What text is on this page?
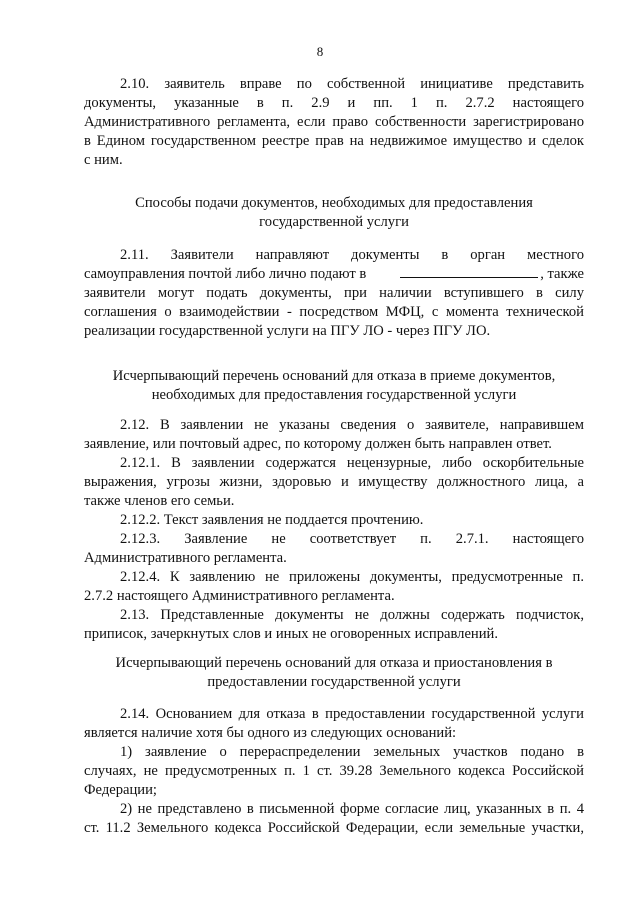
8
2.10. заявитель вправе по собственной инициативе представить
документы, указанные в п. 2.9 и пп. 1 п. 2.7.2 настоящего
Административного регламента, если право собственности зарегистрировано
в Едином государственном реестре прав на недвижимое имущество и сделок
с ним.
Способы подачи документов, необходимых для предоставления
государственной услуги
2.11. Заявители направляют документы в орган местного
самоуправления почтой либо лично подают в	, также
заявители могут подать документы, при наличии вступившего в силу
соглашения о взаимодействии - посредством МФЦ, с момента технической
реализации государственной услуги на ПГУ ЛО - через ПГУ ЛО.
Исчерпывающий перечень оснований для отказа в приеме документов,
необходимых для предоставления государственной услуги
2.12. В заявлении не указаны сведения о заявителе, направившем
заявление, или почтовый адрес, по которому должен быть направлен ответ.
2.12.1. В заявлении содержатся нецензурные, либо оскорбительные
выражения, угрозы жизни, здоровью и имуществу должностного лица, а
также членов его семьи.
2.12.2. Текст заявления не поддается прочтению.
2.12.3. Заявление не соответствует п. 2.7.1. настоящего
Административного регламента.
2.12.4. К заявлению не приложены документы, предусмотренные п.
2.7.2 настоящего Административного регламента.
2.13. Представленные документы не должны содержать подчисток,
приписок, зачеркнутых слов и иных не оговоренных исправлений.
Исчерпывающий перечень оснований для отказа и приостановления в
предоставлении государственной услуги
2.14. Основанием для отказа в предоставлении государственной услуги
является наличие хотя бы одного из следующих оснований:
1) заявление о перераспределении земельных участков подано в
случаях, не предусмотренных п. 1 ст. 39.28 Земельного кодекса Российской
Федерации;
2) не представлено в письменной форме согласие лиц, указанных в п. 4
ст. 11.2 Земельного кодекса Российской Федерации, если земельные участки,
